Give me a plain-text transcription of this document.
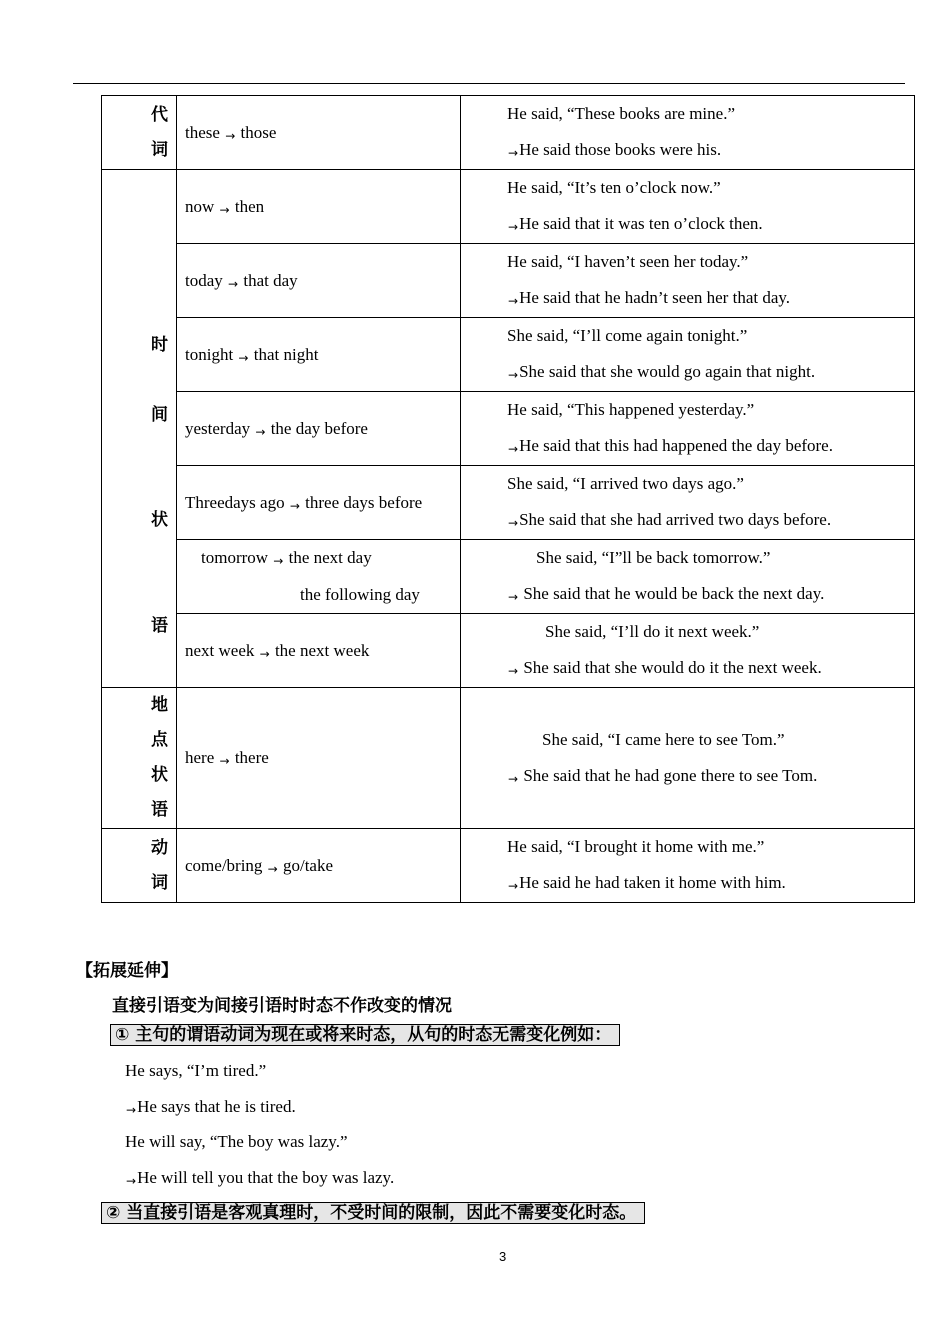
代
词	these → those	He said, “These books are mine.”
→He said those books were his.

时
间
状
语	now → then	He said, “It’s ten o’clock now.”
→He said that it was ten o’clock then.

	today → that day	He said, “I haven’t seen her today.”
→He said that he hadn’t seen her that day.

	tonight → that night	She said, “I’ll come again tonight.”
→She said that she would go again that night.

	yesterday → the day before	He said, “This happened yesterday.”
→He said that this had happened the day before.

	Threedays ago → three days before	She said, “I arrived two days ago.”
→She said that she had arrived two days before.

	tomorrow → the next day
the following day	She said, “I”ll be back tomorrow.”
→ She said that he would be back the next day.

	next week → the next week	She said, “I’ll do it next week.”
→ She said that she would do it the next week.

地
点
状
语	here → there	She said, “I came here to see Tom.”
→ She said that he had gone there to see Tom.

动
词	come/bring → go/take	He said, “I brought it home with me.”
→He said he had taken it home with him.
【拓展延伸】
直接引语变为间接引语时时态不作改变的情况
① 主句的谓语动词为现在或将来时态，从句的时态无需变化例如：
He says, “I’m tired.”
→He says that he is tired.
He will say, “The boy was lazy.”
→He will tell you that the boy was lazy.
② 当直接引语是客观真理时，不受时间的限制，因此不需要变化时态。
3
